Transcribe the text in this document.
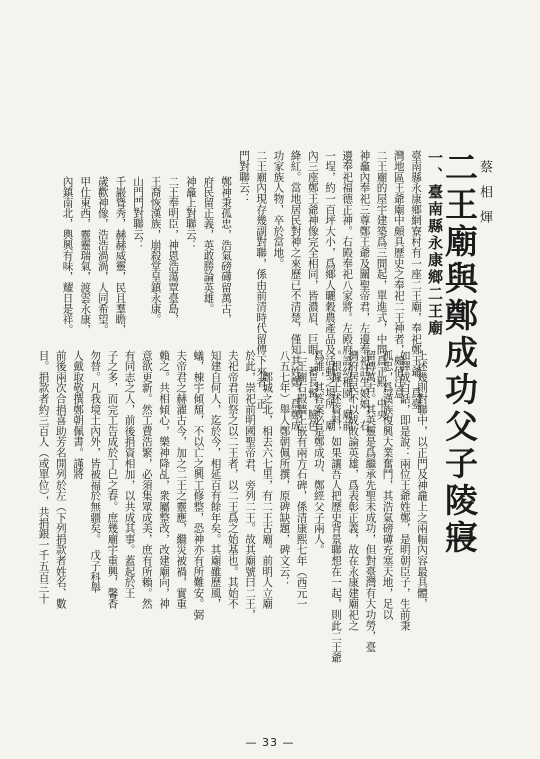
蔡相煇
二王廟與鄭成功父子陵寢
上述幾則對聯中，以正門及神龕上之兩幅內容最具體，
如譯成白話，即是說：兩位王爺姓鄭，是明朝臣子，生前秉
孤忠，爲漢族復興大業奮鬥，其浩氣磅礡充塞天地，足以
留傳萬古。其英靈是爲繼承先聖未成功，但對臺灣有大功勞，臺
灣府居民不以成敗論英雄，爲表彰正義，故在永康建廟祀之
。根據上述資料，如果讓吾人把歷史背景聯想在一起，則此二王爺
爲誰，其答案必是鄭成功、鄭經父子兩人。
二王廟右殿牆上嵌有兩方石碑，係清康熙七年（西元一
八五七年）舉人鄭朝佩所撰，原碑缺題，碑文云：
　　鄭城之北，相去六七里，有二王古廟。前明人立廟
於此，崇祀前明國聖帝君、旁列二王。故其廟號曰二王，
夫祀帝君而祭之以二王者，以二王爲之始基也。其始不
知建自何人，迄於今，相延百有餘年矣。其廟雖歷風，
蟻，棟宇傾頹，不以亡之興工修整，恐神亦有所難安。弼
夫帝君之赫濯古今，加之二王之靈應，繼災被禍，實重
賴之。共相傾心，樂神降乩，衆屬整改，改建廟向，神
意欲更新。然工費浩繁，必須集眾成美，庶有所賴。然
有同志之人，前後捐資相加，以共成其事。蓋起於王
子之多，而完工告成於丁巳之春。庶幾廟宇重興，馨香
勿替。凡我境土內外，皆被福於無疆矣。　戊子科舉
人戴取敬撰鄭朝佩書。謹將
前後兩次合捐喜助芳名開列於左（下列捐款者姓名、數
目。捐款者約三百人（或單位），共捐銀一千五百三十
一、臺南縣永康鄉二王廟
臺南縣永康鄉網寮村有一座二王廟，奉祀鄭王爺，爲臺
灣地區王爺廟中頗具歷史之奉祀二王神者，頗值注意。
二王廟的屋宇建築爲三間起，單進式，中間爲正殿，中央
神龕內奉祀三尊鄭王爺及關聖帝君，左邊奉祀註生娘娘，右
邊奉祀福德正神。右殿奉祀八家將。左殿府設幼稚園。廟前
一埕，約一百坪大小，爲鄉人曬穀農產品及活動之場所。廟
內三座鄭王爺神像完全相同，皆濃眉、巨眼、蓄長髯，臉色
絳紅。當地居民對神之來歷已不清楚，僅知其姓鄭，爲鄭成
功家族人物，卒於當地。
二王廟內現存幾副對聯，係由前清時代留傳下來者，正
門對聯云：
鄭神秉孤忠，浩氣磅礡留萬古，
府民留正義，英敢勝論英雄。
神龕上對聯云：
二王奉明臣，神恩浩蕩覃臺島，
王裔恢漢族，崩殺堂皇鎮永康。
山門門對聯云：
千巖聳秀，赫赫威靈，民且羣瞻，
歲歡神像，浩浩渦渦，人同希望。
甲仕東西，靈靈瑞氣，渡雲永康，
內鎮南北，輿興有味，耀日是祥。
— 33 —
